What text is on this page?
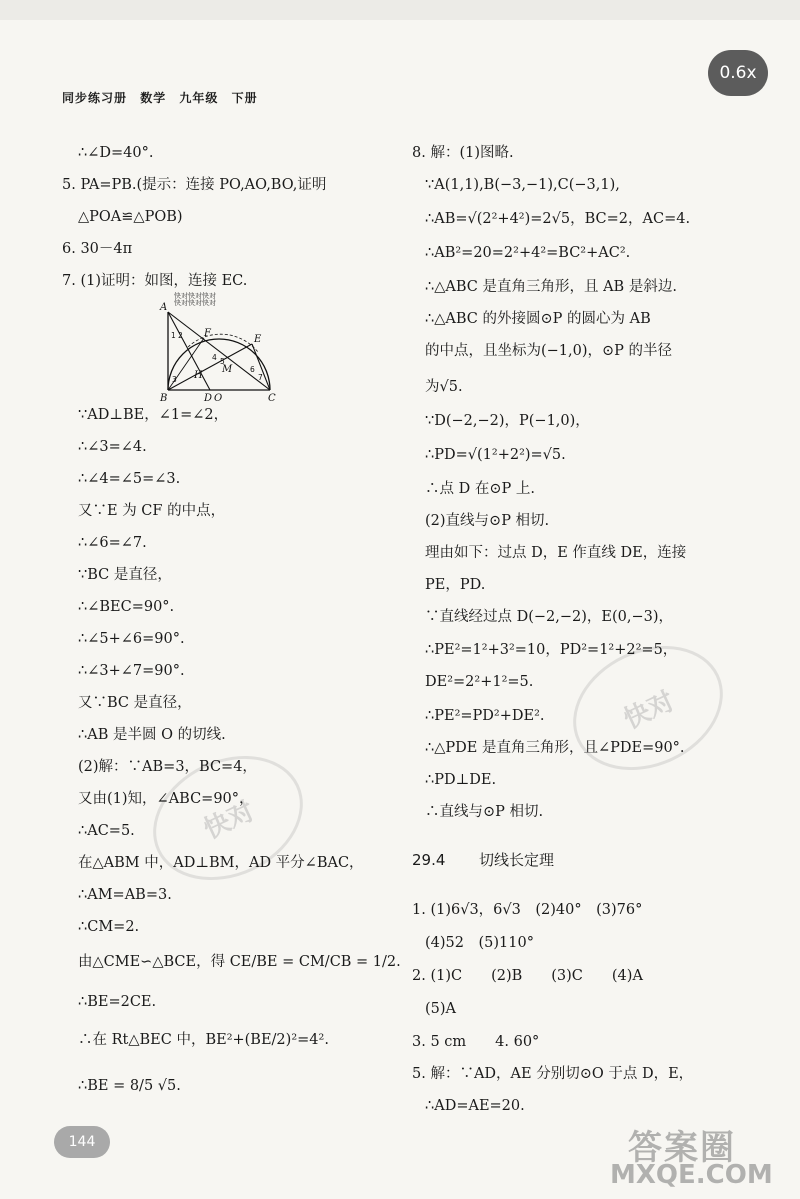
同步练习册 数学 九年级 下册
0.6x
快对
快对
∴∠D=40°.
5. PA=PB.(提示：连接 PO,AO,BO,证明
△POA≌△POB)
6. 30－4π
7. (1)证明：如图，连接 EC.
快对快对快对
快对快对快对
A
B	C
D O
E
F
H
M
1 2
3
4 5
6
7
∵AD⊥BE，∠1=∠2，
∴∠3=∠4.
∴∠4=∠5=∠3.
又∵E 为 CF 的中点，
∴∠6=∠7.
∵BC 是直径，
∴∠BEC=90°.
∴∠5+∠6=90°.
∴∠3+∠7=90°.
又∵BC 是直径，
∴AB 是半圆 O 的切线.
(2)解：∵AB=3，BC=4，
又由(1)知，∠ABC=90°，
∴AC=5.
在△ABM 中，AD⊥BM，AD 平分∠BAC，
∴AM=AB=3.
∴CM=2.
由△CME∽△BCE，得 CE/BE = CM/CB = 1/2.
∴BE=2CE.
∴在 Rt△BEC 中，BE²+(BE/2)²=4².
∴BE = 8/5 √5.
8. 解：(1)图略.
∵A(1,1),B(−3,−1),C(−3,1),
∴AB=√(2²+4²)=2√5，BC=2，AC=4.
∴AB²=20=2²+4²=BC²+AC².
∴△ABC 是直角三角形，且 AB 是斜边.
∴△ABC 的外接圆⊙P 的圆心为 AB
的中点，且坐标为(−1,0)，⊙P 的半径
为√5.
∵D(−2,−2)，P(−1,0)，
∴PD=√(1²+2²)=√5.
∴点 D 在⊙P 上.
(2)直线与⊙P 相切.
理由如下：过点 D，E 作直线 DE，连接
PE，PD.
∵直线经过点 D(−2,−2)，E(0,−3)，
∴PE²=1²+3²=10，PD²=1²+2²=5，
DE²=2²+1²=5.
∴PE²=PD²+DE².
∴△PDE 是直角三角形，且∠PDE=90°.
∴PD⊥DE.
∴直线与⊙P 相切.
29.4 切线长定理
1. (1)6√3，6√3　(2)40°　(3)76°
(4)52　(5)110°
2. (1)C　　(2)B　　(3)C　　(4)A
(5)A
3. 5 cm　　4. 60°
5. 解：∵AD，AE 分别切⊙O 于点 D，E，
∴AD=AE=20.
144	答案圈
MXQE.COM
